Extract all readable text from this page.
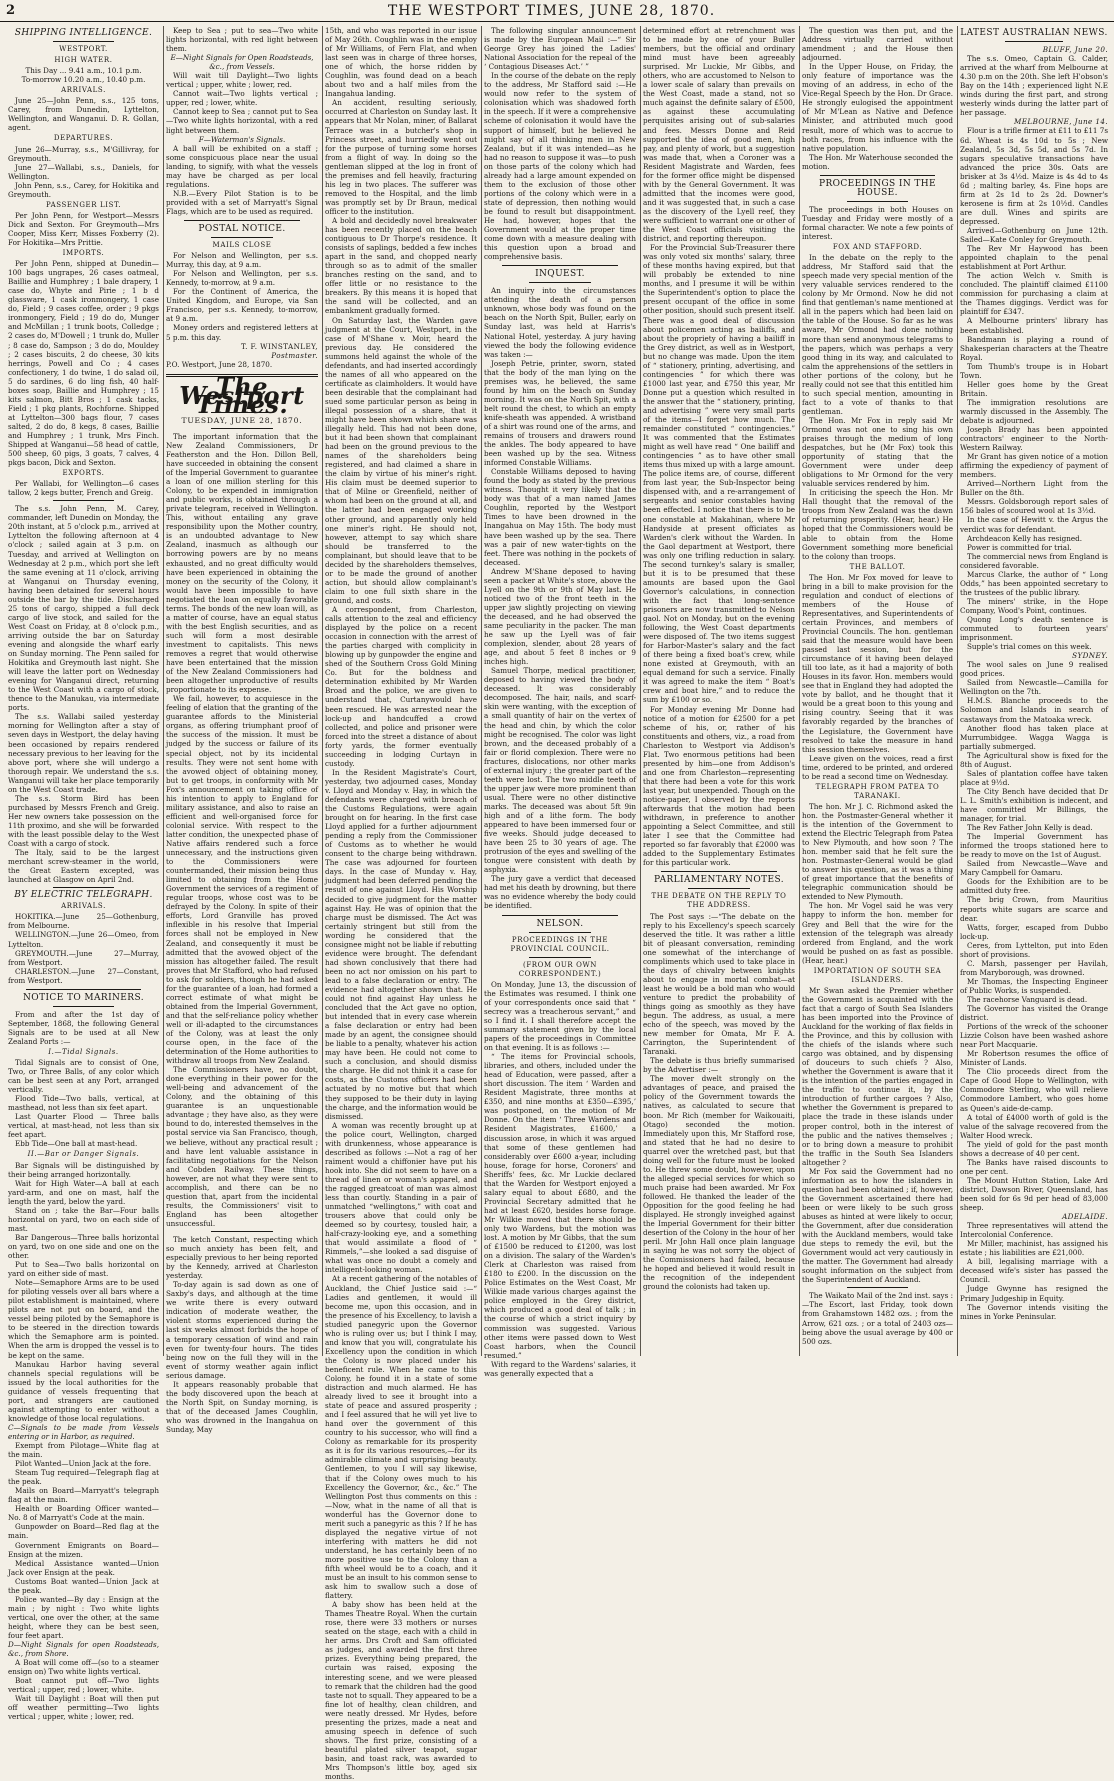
2	THE WESTPORT TIMES, JUNE 28, 1870.
SHIPPING INTELLIGENCE.
WESTPORT.
HIGH WATER.

This Day ... 9.41 a.m., 10.1 p.m.

To-morrow 10.20 a.m., 10.40 p.m.

ARRIVALS.

June 25—John Penn, s.s., 125 tons, Carey, from Dunedin, Lyttelton, Wellington, and Wanganui. D. R. Gollan, agent.

DEPARTURES.

June 26—Murray, s.s., M'Gillivray, for Greymouth.

June 27—Wallabi, s.s., Daniels, for Wellington.

John Penn, s.s., Carey, for Hokitika and Greymouth.

PASSENGER LIST.

Per John Penn, for Westport—Messrs Dick and Sexton. For Greymouth—Mrs Cooper, Miss Kerr, Misses Foxberry (2). For Hokitika—Mrs Prittie.

IMPORTS.

Per John Penn, shipped at Dunedin—100 bags ungrapes, 26 cases oatmeal, Baillie and Humphrey ; 1 bale drapery, 1 case do, Whyte and Pirie ; 1 b d glassware, 1 cask ironmongery, 1 case do, Field ; 9 cases coffee, order ; 9 pkgs ironmongery, Field ; 19 do do, Munger and McMillan ; 1 trunk boots, Colledge ; 2 cases do, M'Dowell ; 1 trunk do, Muller ; 8 case do, Sampson ; 3 do do, Mouldey ; 2 cases biscuits, 2 do cheese, 30 kits herrings, Powell and Co ; 4 cases confectionery, 1 do twine, 1 do salad oil, 5 do sardines, 6 do ling fish, 40 half-boxes soap, Baillie and Humphrey ; 15 kits salmon, Bitt Bros ; 1 cask tacks, Field ; 1 pkg plants, Rochforne. Shipped at Lyttelton—300 bags flour, 7 cases salted, 2 do do, 8 kegs, 8 cases, Baillie and Humphrey ; 1 trunk, Mrs Finch. Shipped at Wanganui—58 head of cattle, 500 sheep, 60 pigs, 3 goats, 7 calves, 4 pkgs bacon, Dick and Sexton.

EXPORTS.

Per Wallabi, for Wellington—6 cases tallow, 2 kegs butter, French and Greig.

The s.s. John Penn, M. Carey, commander, left Dunedin on Monday, the 20th instant, at 5 o'clock p.m., arrived at Lyttelton the following afternoon at 4 o'clock ; sailed again at 3 p.m. on Tuesday, and arrived at Wellington on Wednesday at 2 p.m., which port she left the same evening at 11 o'clock, arriving at Wanganui on Thursday evening, having been detained for several hours outside the bar by the tide. Discharged 25 tons of cargo, shipped a full deck cargo of live stock, and sailed for the West Coast on Friday, at 8 o'clock p.m., arriving outside the bar on Saturday evening and alongside the wharf early on Sunday morning. The Penn sailed for Hokitika and Greymouth last night. She will leave the latter port on Wednesday evening for Wanganui direct, returning to the West Coast with a cargo of stock, thence to the Manukau, via intermediate ports.

The s.s. Wallabi sailed yesterday morning for Wellington after a stay of seven days in Westport, the delay having been occasioned by repairs rendered necessary previous to her leaving for the above port, where she will undergo a thorough repair. We understand the s.s. Wanganui will take her place temporarily on the West Coast trade.

The s.s. Storm Bird has been purchased by Messrs French and Greig. Her new owners take possession on the 11th proximo, and she will be forwarded with the least possible delay to the West Coast with a cargo of stock.

The Italy, said to be the largest merchant screw-steamer in the world, the Great Eastern excepted, was launched at Glasgow on April 2nd.

BY ELECTRIC TELEGRAPH.
ARRIVALS.

HOKITIKA.—June 25—Gothenburg, from Melbourne.

WELLINGTON.—June 26—Omeo, from Lyttelton.

GREYMOUTH.—June 27—Murray, from Westport.

CHARLESTON.—June 27—Constant, from Westport.

NOTICE TO MARINERS.

From and after the 1st day of September, 1868, the following General Signals are to be used at all New Zealand Ports :—

I.—Tidal Signals.

Tidal Signals are to consist of One, Two, or Three Balls, of any color which can be best seen at any Port, arranged vertically.

Flood Tide—Two balls, vertical, at masthead, not less than six feet apart.

Last Quarter Flood — Three balls vertical, at mast-head, not less than six feet apart.

Ebb Tide—One ball at mast-head.

II.—Bar or Danger Signals.

Bar Signals will be distinguished by their being arranged horizontally.

Wait for High Water—A ball at each yard-arm, and one on mast, half the length the yard, below the yard.

Stand on ; take the Bar—Four balls horizontal on yard, two on each side of mast.

Bar Dangerous—Three balls horizontal on yard, two on one side and one on the other.

Put to Sea—Two balls horizontal on yard on either side of mast.

Note—Semaphore Arms are to be used for piloting vessels over all bars where a pilot establishment is maintained, where pilots are not put on board, and the vessel being piloted by the Semaphore is to be steered in the direction towards which the Semaphore arm is pointed. When the arm is dropped the vessel is to be kept on the same.

Manukau Harbor having several channels special regulations will be issued by the local authorities for the guidance of vessels frequenting that port, and strangers are cautioned against attempting to enter without a knowledge of those local regulations.

C—Signals to be made from Vessels entering or in Harbor, as required.

Exempt from Pilotage—White flag at the main.

Pilot Wanted—Union Jack at the fore.

Steam Tug required—Telegraph flag at the peak.

Mails on Board—Marryatt's telegraph flag at the main.

Health or Boarding Officer wanted—No. 8 of Marryatt's Code at the main.

Gunpowder on Board—Red flag at the main.

Government Emigrants on Board—Ensign at the mizen.

Medical Assistance wanted—Union Jack over Ensign at the peak.

Customs Boat wanted—Union Jack at the peak.

Police wanted—By day : Ensign at the main ; by night : Two white lights vertical, one over the other, at the same height, where they can be best seen, four feet apart.

D—Night Signals for open Roadsteads, &c., from Shore.

A Boat will come off—(so to a steamer ensign on) Two white lights vertical.

Boat cannot put off—Two lights vertical ; upper, red ; lower, white.

Wait till Daylight : Boat will then put off weather permitting—Two lights vertical ; upper, white ; lower, red.

Keep to Sea ; put to sea—Two white lights horizontal, with red light between them.

E—Night Signals for Open Roadsteads, &c., from Vessels.

Will wait till Daylight—Two lights vertical ; upper, white ; lower, red.

Cannot wait—Two lights vertical ; upper, red ; lower, white.

Cannot keep to Sea ; cannot put to Sea—Two white lights horizontal, with a red light between them.

F—Waterman's Signals.

A ball will be exhibited on a staff ; some conspicuous place near the usual landing, to signify, with what the vessels may have be charged as per local regulations.

N.B.—Every Pilot Station is to be provided with a set of Marryatt's Signal Flags, which are to be used as required.

POSTAL NOTICE.
MAILS CLOSE

For Nelson and Wellington, per s.s. Murray, this day, at 9 a.m.

For Nelson and Wellington, per s.s. Kennedy, to-morrow, at 9 a.m.

For the Continent of America, the United Kingdom, and Europe, via San Francisco, per s.s. Kennedy, to-morrow, at 9 a.m.

Money orders and registered letters at 5 p.m. this day.

T. F. WINSTANLEY,

Postmaster.

P.O. Westport, June 28, 1870.

The Westport Times.
TUESDAY, JUNE 28, 1870.

The important information that the New Zealand Commissioners, Dr Featherston and the Hon. Dillon Bell, have succeeded in obtaining the consent of the Imperial Government to guarantee a loan of one million sterling for this Colony, to be expended in immigration and public works, is obtained through a private telegram, received in Wellington. This, without entailing any grave responsibility upon the Mother country, is an undoubted advantage to New Zealand, inasmuch as although our borrowing powers are by no means exhausted, and no great difficulty would have been experienced in obtaining the money on the security of the Colony, it would have been impossible to have negotiated the loan on equally favorable terms. The bonds of the new loan will, as a matter of course, have an equal status with the best English securities, and as such will form a most desirable investment to capitalists. This news removes a regret that would otherwise have been entertained that the mission of the New Zealand Commissioners had been altogether unproductive of results proportionate to its expense.

We fail, however, to acquiesce in the feeling of elation that the granting of the guarantee affords to the Ministerial organs, as offering triumphant proof of the success of the mission. It must be judged by the success or failure of its special object, not by its incidental results. They were not sent home with the avowed object of obtaining money, but to get troops, in conformity with Mr Fox's announcement on taking office of his intention to apply to England for military assistance, and also to raise an efficient and well-organised force for colonial service. With respect to the latter condition, the unexpected phase of Native affairs rendered such a force unnecessary, and the instructions given to the Commissioners were countermanded, their mission being thus limited to obtaining from the Home Government the services of a regiment of regular troops, whose cost was to be defrayed by the Colony. In spite of their efforts, Lord Granville has proved inflexible in his resolve that Imperial forces shall not be employed in New Zealand, and consequently it must be admitted that the avowed object of the mission has altogether failed. The result proves that Mr Stafford, who had refused to ask for soldiers, though he had asked for the guarantee of a loan, had formed a correct estimate of what might be obtained from the Imperial Government, and that the self-reliance policy whether well or ill-adapted to the circumstances of the Colony, was at least the only course open, in the face of the determination of the Home authorities to withdraw all troops from New Zealand.

The Commissioners have, no doubt, done everything in their power for the well-being and advancement of the Colony, and the obtaining of this guarantee is an unquestionable advantage ; they have also, as they were bound to do, interested themselves in the postal service via San Francisco, though, we believe, without any practical result ; and have lent valuable assistance in facilitating negotiations for the Nelson and Cobden Railway. These things, however, are not what they were sent to accomplish, and there can be no question that, apart from the incidental results, the Commissioners' visit to England has been altogether unsuccessful.

The ketch Constant, respecting which so much anxiety has been felt, and especially previous to her being reported by the Kennedy, arrived at Charleston yesterday.

To-day again is sad down as one of Saxby's days, and although at the time we write there is every outward indication of moderate weather, the violent storms experienced during the last six weeks almost forbids the hope of a temporary cessation of wind and rain even for twenty-four hours. The tides being now on the full they will in the event of stormy weather again inflict serious damage.

It appears reasonably probable that the body discovered upon the beach at the North Spit, on Sunday morning, is that of the deceased James Coughlin, who was drowned in the Inangahua on Sunday, May

15th, and who was reported in our issue of May 26th. Coughlin was in the employ of Mr Williams, of Fern Flat, and when last seen was in charge of three horses, one of which, the horse ridden by Coughlin, was found dead on a beach about two and a half miles from the Inangahua landing.

An accident, resulting seriously, occurred at Charleston on Sunday last. It appears that Mr Nolan, miner, of Ballarat Terrace was in a butcher's shop in Princess street, and hurriedly went out for the purpose of turning some horses from a flight of way. In doing so the gentleman slipped at the log in front of the premises and fell heavily, fracturing his leg in two places. The sufferer was removed to the Hospital, and the limb was promptly set by Dr Braun, medical officer to the institution.

A bold and decidedly novel breakwater has been recently placed on the beach contiguous to Dr Thorpe's residence. It consists of saplings, bedded a few inches apart in the sand, and chopped nearly through so as to admit of the smaller branches resting on the sand, and to offer little or no resistance to the breakers. By this means it is hoped that the sand will be collected, and an embankment gradually formed.

On Saturday last, the Warden gave judgment at the Court, Westport, in the case of M'Shane v. Moir, heard the previous day. He considered the summons held against the whole of the defendants, and had inserted accordingly the names of all who appeared on the certificate as claimholders. It would have been desirable that the complainant had sued some particular person as being in illegal possession of a share, that it might have been shown which share was illegally held. This had not been done, but it had been shown that complainant had been on the ground previous to the names of the shareholders being registered, and had claimed a share in the claim by virtue of his miner's right. His claim must be deemed superior to that of Milne or Greenfield, neither of whom had been on the ground at all, and the latter had been engaged working other ground, and apparently only held one miner's right. He should not, however, attempt to say which share should be transferred to the complainant, but should leave that to be decided by the shareholders themselves, or to be made the ground of another action, but should allow complainant's claim to one full sixth share in the ground, and costs.

A correspondent, from Charleston, calls attention to the zeal and efficiency displayed by the police on a recent occasion in connection with the arrest of the parties charged with complicity in blowing up by gunpowder the engine and shed of the Southern Cross Gold Mining Co. But for the boldness and determination exhibited by Mr Warden Broad and the police, we are given to understand that, Curtanywould have been rescued. He was arrested near the lock-up and handcuffed a crowd collected, and police and prisoner were forced into the street a distance of about forty yards, the former eventually succeeding in lodging Curtayn in custody.

In the Resident Magistrate's Court, yesterday, two adjourned cases, Monday v. Lloyd and Monday v. Hay, in which the defendants were charged with breach of the Customs Regulations, were again brought on for hearing. In the first case Lloyd applied for a further adjournment pending a reply from the Commissioner of Customs as to whether he would consent to the charge being withdrawn. The case was adjourned for fourteen days. In the case of Munday v. Hay, judgment had been deferred pending the result of one against Lloyd. His Worship decided to give judgment for the matter against Hay. He was of opinion that the charge must be dismissed. The Act was certainly stringent but still from the wording he considered that the consignee might not be liable if rebutting evidence were brought. The defendant had shown conclusively that there had been no act nor omission on his part to lead to a false declaration or entry. The evidence had altogether shown that. He could not find against Hay unless he concluded that the Act gave no option, but intended that in every case wherein a false declaration or entry had been made by an agent, the consignee should be liable to a penalty, whatever his action may have been. He could not come to such a conclusion, and should dismiss the charge. He did not think it a case for costs, as the Customs officers had been actuated by no motive but that which they supposed to be their duty in laying the charge, and the information would be dismissed.

A woman was recently brought up at the police court, Wellington, charged with drunkenness, whose appearance is described as follows :—Not a rag of her raiment would a chiffonier have put his hook into. She did not seem to have on a thread of linen or woman's apparel, and the ragged greatcoat of man was almost less than courtly. Standing in a pair of unmatched “wellingtons,” with coat and trousers above that could only be deemed so by courtesy, tousled hair, a half-crazy-looking eye, and a something that would assimilate a flood of “ Rimmels,”—she looked a sad disguise of what was once no doubt a comely and intelligent-looking woman.

At a recent gathering of the notables of Auckland, the Chief Justice said :—“ Ladies and gentlemen, it would ill become me, upon this occasion, and in the presence of his Excellency, to lavish a studied panegyric upon the Governor who is ruling over us; but I think I may, and know that you will, congratulate his Excellency upon the condition in which the Colony is now placed under his beneficent rule. When he came to this Colony, he found it in a state of some distraction and much alarmed. He has already lived to see it brought into a state of peace and assured prosperity ; and I feel assured that he will yet live to hand over the government of this country to his successor, who will find a Colony as remarkable for its prosperity as it is for its various resources,—for its admirable climate and surprising beauty. Gentlemen, to you I will say likewise, that if the Colony owes much to his Excellency the Governor, &c., &c.” The Wellington Post thus comments on this :—Now, what in the name of all that is wonderful has the Governor done to merit such a panegyric as this ? If he has displayed the negative virtue of not interfering with matters he did not understand, he has certainly been of no more positive use to the Colony than a fifth wheel would be to a coach, and it must be an insult to his common sense to ask him to swallow such a dose of flattery.

A baby show has been held at the Thames Theatre Royal. When the curtain rose, there were 33 mothers or nurses seated on the stage, each with a child in her arms. Drs Croft and Sam officiated as judges, and awarded the first three prizes. Everything being prepared, the curtain was raised, exposing the interesting scene, and we were pleased to remark that the children had the good taste not to squall. They appeared to be a fine lot of healthy, clean children, and were neatly dressed. Mr Hydes, before presenting the prizes, made a neat and amusing speech in defence of such shows. The first prize, consisting of a beautiful plated silver teapot, sugar basin, and toast rack, was awarded to Mrs Thompson's little boy, aged six months.

The following singular announcement is made by the European Mail :—“ Sir George Grey has joined the Ladies' National Association for the repeal of the ‘ Contagious Diseases Act.’ ”

In the course of the debate on the reply to the address, Mr Stafford said :—He would now refer to the system of colonisation which was shadowed forth in the speech. If it were a comprehensive scheme of colonisation it would have the support of himself, but he believed he might say of all thinking men in New Zealand, but if it was intended—as he had no reason to suppose it was—to push on those parts of the colony which had already had a large amount expended on them to the exclusion of those other portions of the colony which were in a state of depression, then nothing would be found to result but disappointment. He had, however, hopes that the Government would at the proper time come down with a measure dealing with this question upon a broad and comprehensive basis.

INQUEST.

An inquiry into the circumstances attending the death of a person unknown, whose body was found on the beach on the North Spit, Buller, early on Sunday last, was held at Harris's National Hotel, yesterday. A jury having viewed the body the following evidence was taken :—

Joseph Petrie, printer, sworn, stated that the body of the man lying on the premises was, he believed, the same found by him on the beach on Sunday morning. It was on the North Spit, with a belt round the chest, to which an empty knife-sheath was appended. A wristband of a shirt was round one of the arms, and remains of trousers and drawers round the ankles. The body appeared to have been washed up by the sea. Witness informed Constable Williams.

Constable Williams deposed to having found the body as stated by the previous witness. Thought it very likely that the body was that of a man named James Coughlin, reported by the Westport Times to have been drowned in the Inangahua on May 15th. The body must have been washed up by the sea. There was a pair of new water-tights on the feet. There was nothing in the pockets of deceased.

Andrew M'Shane deposed to having seen a packer at White's store, above the Lyell on the 9th or 9th of May last. He noticed two of the front teeth in the upper jaw slightly projecting on viewing the deceased, and he had observed the same peculiarity in the packer. The man he saw up the Lyell was of fair complexion, slender, about 28 years of age, and about 5 feet 8 inches or 9 inches high.

Samuel Thorpe, medical practitioner, deposed to having viewed the body of deceased. It was considerably decomposed. The hair, nails, and scarf-skin were wanting, with the exception of a small quantity of hair on the vertex of the head and chin, by which the color might be recognised. The color was light brown, and the deceased probably of a fair or florid complexion. There were no fractures, dislocations, nor other marks of external injury ; the greater part of the teeth were lost. The two middle teeth of the upper jaw were more prominent than usual. There were no other distinctive marks. The deceased was about 5ft 9in high and of a lithe form. The body appeared to have been immersed four or five weeks. Should judge deceased to have been 25 to 30 years of age. The protrusion of the eyes and swelling of the tongue were consistent with death by asphyxia.

The jury gave a verdict that deceased had met his death by drowning, but there was no evidence whereby the body could be identified.

NELSON.
PROCEEDINGS IN THE PROVINCIAL COUNCIL.
(FROM OUR OWN CORRESPONDENT.)

On Monday, June 13, the discussion of the Estimates was resumed. I think one of your correspondents once said that “ secrecy was a treacherous servant,” and so I find it. I shall therefore accept the summary statement given by the local papers of the proceedings in Committee on that evening. It is as follows :—

“ The items for Provincial schools, libraries, and others, included under the head of Education, were passed, after a short discussion. The item ‘ Warden and Resident Magistrate, three months at £350, and nine months at £350—£395,’ was postponed, on the motion of Mr Donne. On the item ‘ Three Wardens and Resident Magistrates, £1600,’ a discussion arose, in which it was argued that some of these gentlemen had considerably over £600 a-year, including house, forage for horse, Coroners' and Sheriffs' fees, &c. Mr Luckie declared that the Warden for Westport enjoyed a salary equal to about £680, and the Provincial Secretary admitted that he had at least £620, besides horse forage. Mr Wilkie moved that there should be only two Wardens, but the motion was lost. A motion by Mr Gibbs, that the sum of £1500 be reduced to £1200, was lost on a division. The salary of the Warden's Clerk at Charleston was raised from £180 to £200. In the discussion on the Police Estimates on the West Coast, Mr Wilkie made various charges against the police employed in the Grey district, which produced a good deal of talk ; in the course of which a strict inquiry by commission was suggested. Various other items were passed down to West Coast harbors, when the Council resumed.”

With regard to the Wardens' salaries, it was generally expected that a

determined effort at retrenchment was to be made by one of your Buller members, but the official and ordinary mind must have been agreeably surprised. Mr Luckie, Mr Gibbs, and others, who are accustomed to Nelson to a lower scale of salary than prevails on the West Coast, made a stand, not so much against the definite salary of £500, as against these accumulating perquisites arising out of sub-salaries and fees. Messrs Donne and Reid supported the idea of good men, high pay, and plenty of work, but a suggestion was made that, when a Coroner was a Resident Magistrate and Warden, fees for the former office might be dispensed with by the General Government. It was admitted that the incomes were good, and it was suggested that, in such a case as the discovery of the Lyell reef, they were sufficient to warrant one or other of the West Coast officials visiting the district, and reporting thereupon.

For the Provincial Sub-Treasurer there was only voted six months' salary, three of these months having expired, but that will probably be extended to nine months, and I presume it will be within the Superintendent's option to place the present occupant of the office in some other position, should such present itself. There was a good deal of discussion about policemen acting as bailiffs, and about the propriety of having a bailiff in the Grey district, as well as in Westport, but no change was made. Upon the item of “ stationery, printing, advertising, and contingencies ” for which there was £1000 last year, and £750 this year, Mr Donne put a question which resulted in the answer that the “ stationery, printing, and advertising ” were very small parts of the items—I forget how much. The remainder constituted “ contingencies.” It was commented that the Estimates might as well have read “ One bailiff and contingencies ” as to have other small items thus mixed up with a large amount. The police items are, of course, different from last year, the Sub-Inspector being dispensed with, and a re-arrangement of sergeants and senior constables having been effected. I notice that there is to be one constable at Makahinan, where Mr Handyside at present officiates as Warden's clerk without the Warden. In the Gaol department at Westport, there was only one trifling reduction in salary. The second turnkey's salary is smaller, but it is to be presumed that these amounts are based upon the Gaol Governor's calculations, in connection with the fact that long-sentence prisoners are now transmitted to Nelson gaol. Not on Monday, but on the evening following, the West Coast departments were disposed of. The two items suggest for Harbor-Master's salary and the fact of there being a fixed boat's crew, while none existed at Greymouth, with an equal demand for such a service. Finally it was agreed to make the item “ Boat's crew and boat hire,” and to reduce the sum by £100 or so.

For Monday evening Mr Donne had notice of a motion for £2500 for a pet scheme of his, or, rather of his constituents and others, viz., a road from Charleston to Westport via Addison's Flat. Two enormous petitions had been presented by him—one from Addison's and one from Charleston—representing that there had been a vote for this work last year, but unexpended. Though on the notice-paper, I observed by the reports afterwards that the motion had been withdrawn, in preference to another appointing a Select Committee, and still later I see that the Committee had reported so far favorably that £2000 was added to the Supplementary Estimates for this particular work.

PARLIAMENTARY NOTES.
THE DEBATE ON THE REPLY TO THE ADDRESS.

The Post says :—“The debate on the reply to his Excellency's speech scarcely deserved the title. It was rather a little bit of pleasant conversation, reminding one somewhat of the interchange of compliments which used to take place in the days of chivalry between knights about to engage in mortal combat—at least he would be a bold man who would venture to predict the probability of things going as smoothly as they have begun. The address, as usual, a mere echo of the speech, was moved by the new member for Omata, Mr F. A. Carrington, the Superintendent of Taranaki.

The debate is thus briefly summarised by the Advertiser :—

The mover dwelt strongly on the advantages of peace, and praised the policy of the Government towards the natives, as calculated to secure that boon. Mr Rich (member for Waikouaiti, Otago) seconded the motion. Immediately upon this, Mr Stafford rose, and stated that he had no desire to quarrel over the wretched past, but that doing well for the future must be looked to. He threw some doubt, however, upon the alleged special services for which so much praise had been awarded. Mr Fox followed. He thanked the leader of the Opposition for the good feeling he had displayed. He strongly inveighed against the Imperial Government for their bitter desertion of the Colony in the hour of her peril. Mr John Hall once plain language in saying he was not sorry the object of the Commissioners had failed, because he hoped and believed it would result in the recognition of the independent ground the colonists had taken up.

The question was then put, and the Address virtually carried without amendment ; and the House then adjourned.

In the Upper House, on Friday, the only feature of importance was the moving of an address, in echo of the Vice-Regal Speech by the Hon. Dr Grace. He strongly eulogised the appointment of Mr M'Lean as Native and Defence Minister, and attributed much good result, more of which was to accrue to both races, from his influence with the native population.

The Hon. Mr Waterhouse seconded the motion.

PROCEEDINGS IN THE HOUSE.

The proceedings in both Houses on Tuesday and Friday were mostly of a formal character. We note a few points of interest.

FOX AND STAFFORD.

In the debate on the reply to the address, Mr Stafford said that the speech made very special mention of the very valuable services rendered to the colony by Mr Ormond. Now he did not find that gentleman's name mentioned at all in the papers which had been laid on the table of the House. So far as he was aware, Mr Ormond had done nothing more than send anonymous telegrams to the papers, which was perhaps a very good thing in its way, and calculated to calm the apprehensions of the settlers in other portions of the colony, but he really could not see that this entitled him to such special mention, amounting in fact to a vote of thanks to that gentleman.

The Hon. Mr Fox in reply said Mr Ormond was not one to sing his own praises through the medium of long despatches, but he (Mr Fox) took this opportunity of stating that the Government were under deep obligations to Mr Ormond for the very valuable services rendered by him.

In criticising the speech the Hon. Mr Hall thought that the removal of the troops from New Zealand was the dawn of returning prosperity. (Hear, hear.) He hoped that the Commissioners would be able to obtain from the Home Government something more beneficial to the colony than troops.

THE BALLOT.

The Hon. Mr Fox moved for leave to bring in a bill to make provision for the regulation and conduct of elections of members of the House of Representatives, and Superintendents of certain Provinces, and members of Provincial Councils. The hon. gentleman said that the measure would have been passed last session, but for the circumstance of it having been delayed till too late, as it had a majority of both Houses in its favor. Hon. members would see that in England they had adopted the vote by ballot, and he thought that it would be a great boon to this young and rising country. Seeing that it was favorably regarded by the branches of the Legislature, the Government have resolved to take the measure in hand this session themselves.

Leave given on the voices, read a first time, ordered to be printed, and ordered to be read a second time on Wednesday.

TELEGRAPH FROM PATEA TO TARANAKI.

The hon. Mr J. C. Richmond asked the hon. the Postmaster-General whether it is the intention of the Government to extend the Electric Telegraph from Patea to New Plymouth, and how soon ? The hon. member said that he felt sure the hon. Postmaster-General would be glad to answer his question, as it was a thing of great importance that the benefits of telegraphic communication should be extended to New Plymouth.

The hon. Mr Vogel said he was very happy to inform the hon. member for Grey and Bell that the wire for the extension of the telegraph was already ordered from England, and the work would be pushed on as fast as possible. (Hear, hear.)

IMPORTATION OF SOUTH SEA ISLANDERS.

Mr Swan asked the Premier whether the Government is acquainted with the fact that a cargo of South Sea Islanders has been imported into the Province of Auckland for the working of flax fields in the Province, and this by collusion with the chiefs of the islands where such cargo was obtained, and by dispensing of douceurs to such chiefs ? Also, whether the Government is aware that it is the intention of the parties engaged in the traffic to continue it, by the introduction of further cargoes ? Also, whether the Government is prepared to place the trade in these islands under proper control, both in the interest of the public and the natives themselves ; or to bring down a measure to prohibit the traffic in the South Sea Islanders altogether ?

Mr Fox said the Government had no information as to how the islanders in question had been obtained ; if, however, the Government ascertained there had been or were likely to be such gross abuses as hinted at were likely to occur, the Government, after due consideration with the Auckland members, would take due steps to remedy the evil, but the Government would act very cautiously in the matter. The Government had already sought information on the subject from the Superintendent of Auckland.

The Waikato Mail of the 2nd inst. says : —The Escort, last Friday, took down from Grahamstown 1482 ozs. ; from the Arrow, 621 ozs. ; or a total of 2403 ozs—being above the usual average by 400 or 500 ozs.

LATEST AUSTRALIAN NEWS.

BLUFF, June 20.

The s.s. Omeo, Captain G. Calder, arrived at the wharf from Melbourne at 4.30 p.m on the 20th. She left H'obson's Bay on the 14th ; experienced light N.E winds during the first part, and strong westerly winds during the latter part of her passage.

MELBOURNE, June 14.

Flour is a trifle firmer at £11 to £11 7s 6d. Wheat is 4s 10d to 5s ; New Zealand, 5s 3d, 5s 5d, and 5s 7d. In sugars speculative transactions have advanced the price 30s. Oats are brisker at 3s 4½d. Maize is 4s 4d to 4s 6d ; malting barley, 4s. Fine hops are firm at 2s 1d to 2s 2d. Downer's kerosene is firm at 2s 10½d. Candles are dull. Wines and spirits are depressed.

Arrived—Gothenburg on June 12th. Sailed—Kate Conley for Greymouth.

The Rev Mr Haywood has been appointed chaplain to the penal establishment at Port Arthur.

The action Welch v. Smith is concluded. The plaintiff claimed £1100 commission for purchasing a claim at the Thames diggings. Verdict was for plaintiff for £347.

A Melbourne printers' library has been established.

Bandmann is playing a round of Shakesperian characters at the Theatre Royal.

Tom Thumb's troupe is in Hobart Town.

Heller goes home by the Great Britain.

The immigration resolutions are warmly discussed in the Assembly. The debate is adjourned.

Joseph Brady has been appointed contractors' engineer to the North-Western Railway.

Mr Grant has given notice of a motion affirming the expediency of payment of members.

Arrived—Northern Light from the Buller on the 8th.

Messrs. Goldsborough report sales of 156 bales of scoured wool at 1s 3½d.

In the case of Hewitt v. the Argus the verdict was for defendant.

Archdeacon Kelly has resigned.

Power is committed for trial.

The commercial news from England is considered favorable.

Marcus Clarke, the author of “ Long Odds,” has been appointed secretary to the trustees of the public library.

The miners' strike, in the Hope Company, Wood's Point, continues.

Quong Long's death sentence is commuted to fourteen years' imprisonment.

Supple's trial comes on this week.

SYDNEY.

The wool sales on June 9 realised good prices.

Sailed from Newcastle—Camilla for Wellington on the 7th.

H.M.S. Blanche proceeds to the Solomon and Islands in search of castaways from the Matoaka wreck.

Another flood has taken place at Murrumbidgee. Wagga Wagga is partially submerged.

The Agricultural show is fixed for the 8th of August.

Sales of plantation coffee have taken place at 9½d.

The City Bench have decided that Dr L. L. Smith's exhibition is indecent, and have committed Mr Billings, the manager, for trial.

The Rev Father John Kelly is dead.

The Imperial Government has informed the troops stationed here to be ready to move on the 1st of August.

Sailed from Newcastle—Wave and Mary Campbell for Oamaru.

Goods for the Exhibition are to be admitted duty free.

The brig Crown, from Mauritius reports white sugars are scarce and dear.

Watts, forger, escaped from Dubbo lock-up.

Ceres, from Lyttelton, put into Eden short of provisions.

C. Marsh, passenger per Havilah, from Maryborough, was drowned.

Mr Thomas, the Inspecting Engineer of Public Works, is suspended.

The racehorse Vanguard is dead.

The Governor has visited the Orange district.

Portions of the wreck of the schooner Lizzie Colson have been washed ashore near Port Macquarie.

Mr Robertson resumes the office of Minister of Lands.

The Clio proceeds direct from the Cape of Good Hope to Wellington, with Commodore Sterling, who will relieve Commodore Lambert, who goes home as Queen's aide-de-camp.

A total of £4000 worth of gold is the value of the salvage recovered from the Walter Hood wreck.

The yield of gold for the past month shows a decrease of 40 per cent.

The Banks have raised discounts to one per cent.

The Mount Hutton Station, Lake Ard district, Dawson River, Queensland, has been sold for 6s 9d per head of 83,000 sheep.

ADELAIDE.

Three representatives will attend the Intercolonial Conference.

Mr Miller, machinist, has assigned his estate ; his liabilities are £21,000.

A bill, legalising marriage with a deceased wife's sister has passed the Council.

Judge Gwynne has resigned the Primary Judgeship in Equity.

The Governor intends visiting the mines in Yorke Peninsular.
